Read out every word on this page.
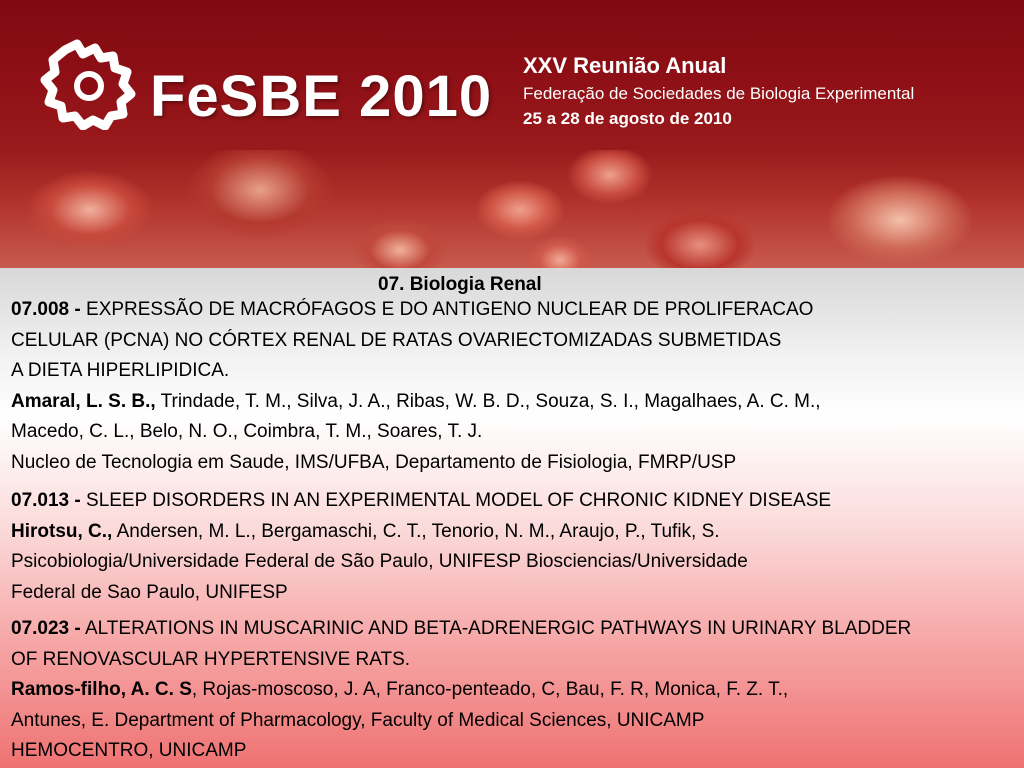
FeSBE 2010 XXV Reunião Anual
Federação de Sociedades de Biologia Experimental
25 a 28 de agosto de 2010
07. Biologia Renal
07.008 - EXPRESSÃO DE MACRÓFAGOS E DO ANTIGENO NUCLEAR DE PROLIFERACAO
CELULAR (PCNA) NO CÓRTEX RENAL DE RATAS OVARIECTOMIZADAS SUBMETIDAS
A DIETA HIPERLIPIDICA.
Amaral, L. S. B., Trindade, T. M., Silva, J. A., Ribas, W. B. D., Souza, S. I., Magalhaes, A. C. M.,
Macedo, C. L., Belo, N. O., Coimbra, T. M., Soares, T. J.
Nucleo de Tecnologia em Saude, IMS/UFBA, Departamento de Fisiologia, FMRP/USP
07.013 - SLEEP DISORDERS IN AN EXPERIMENTAL MODEL OF CHRONIC KIDNEY DISEASE
Hirotsu, C., Andersen, M. L., Bergamaschi, C. T., Tenorio, N. M., Araujo, P., Tufik, S.
Psicobiologia/Universidade Federal de São Paulo, UNIFESP Biosciencias/Universidade
Federal de Sao Paulo, UNIFESP
07.023 - ALTERATIONS IN MUSCARINIC AND BETA-ADRENERGIC PATHWAYS IN URINARY BLADDER
OF RENOVASCULAR HYPERTENSIVE RATS.
Ramos-filho, A. C. S, Rojas-moscoso, J. A, Franco-penteado, C, Bau, F. R, Monica, F. Z. T.,
Antunes, E. Department of Pharmacology, Faculty of Medical Sciences, UNICAMP
HEMOCENTRO, UNICAMP
